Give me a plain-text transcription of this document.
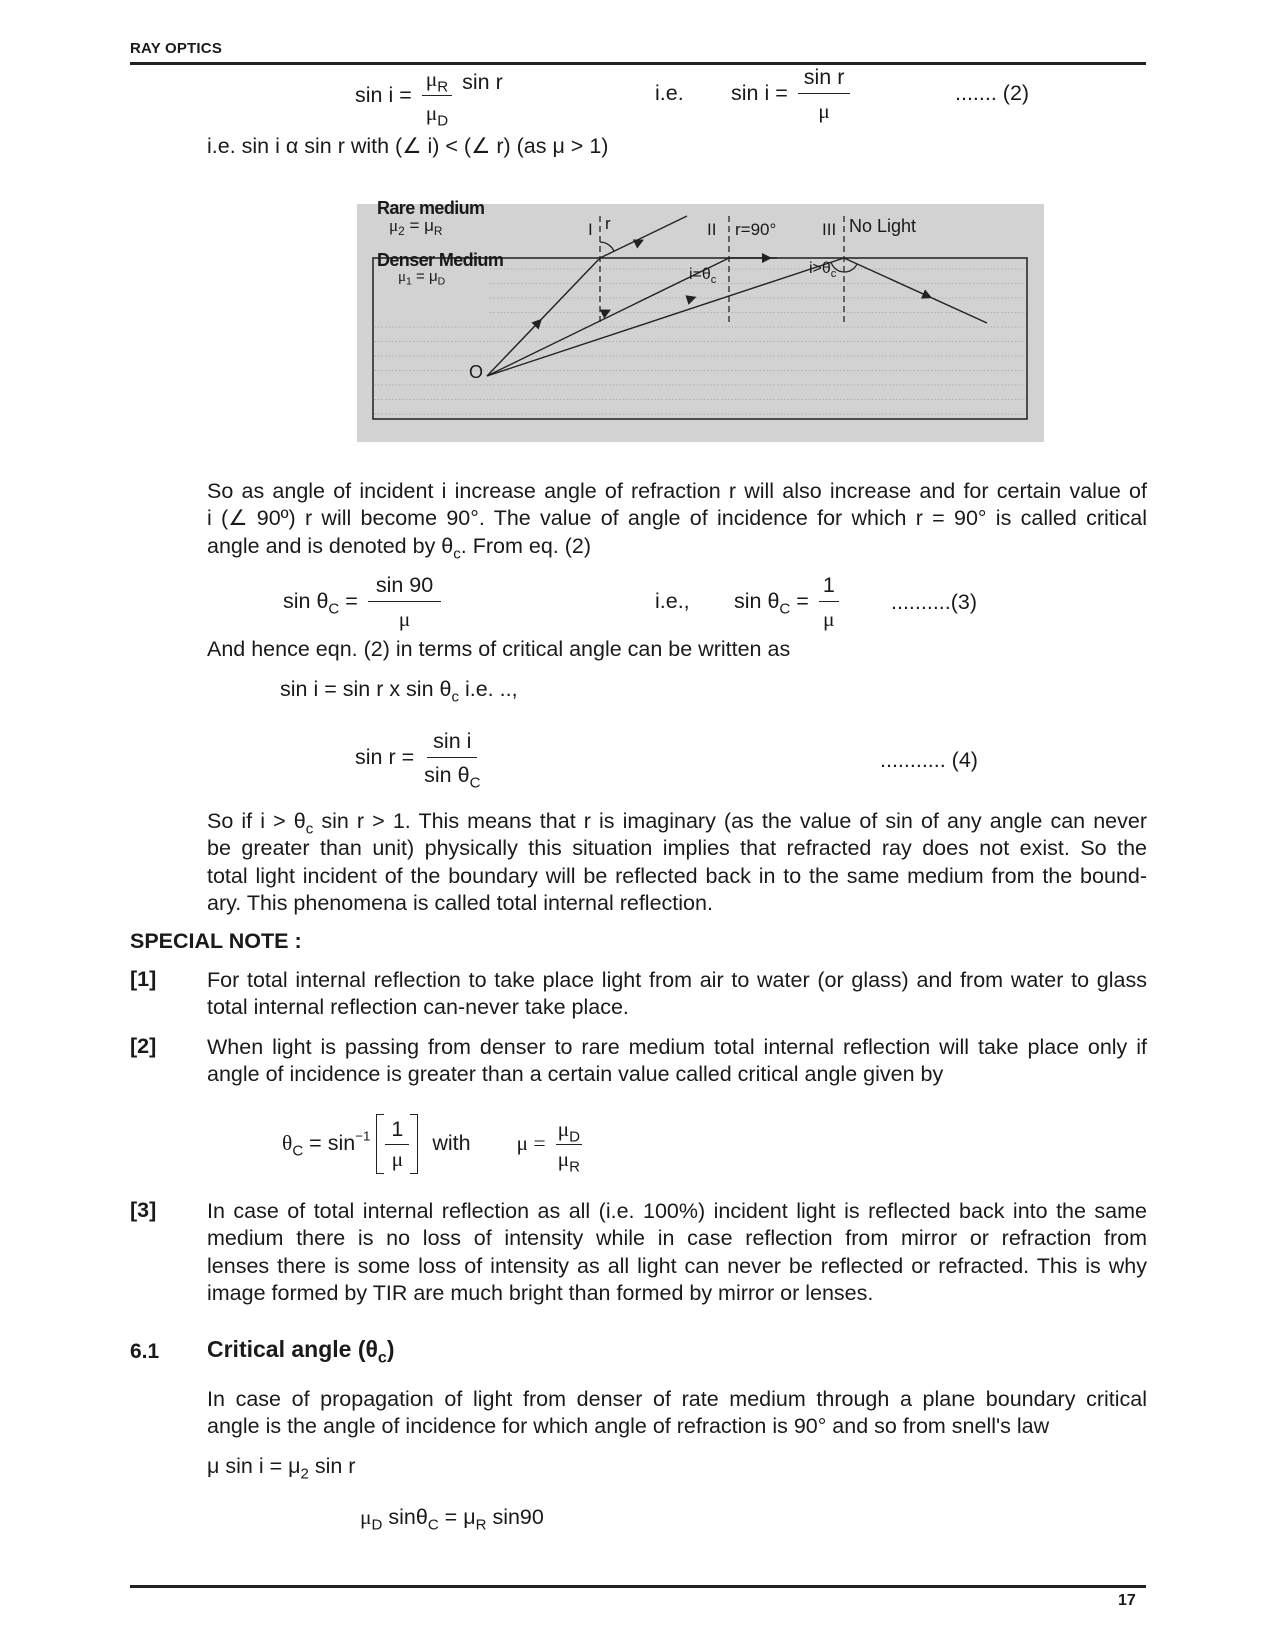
RAY OPTICS
$\sin i = \frac{\mu_R}{\mu_D}$ sin r	i.e. $\sin i = \frac{\text{sin r}}{\mu}$	....... (2)
i.e. sin i α sin r with (∠ i) < (∠ r) (as μ > 1)
Rare medium
$\mu_2 = \mu_R$
Denser Medium
$\mu_1 = \mu_D$
I r	II r=90°	III No Light
$i=\theta_c$
$i>\theta_c$
O
So as angle of incident i increase angle of refraction r will also increase and for certain value of
i (∠ 90º) r will become 90°. The value of angle of incidence for which r = 90° is called critical
angle and is denoted by $\theta_c$. From eq. (2)
$\sin \theta_C = \frac{\sin 90}{\mu}$	i.e., $\sin \theta_C = \frac{1}{\mu} ..........(3)$
And hence eqn. (2) in terms of critical angle can be written as
sin i = sin r x $\sin \theta_c$ i.e. ..,
$\sin r = \frac{\text{sin i}}{\sin \theta_C}$	........... (4)
So if $i > \theta_c$ sin r > 1. This means that r is imaginary (as the value of sin of any angle can never
be greater than unit) physically this situation implies that refracted ray does not exist. So the
total light incident of the boundary will be reflected back in to the same medium from the bound-
ary. This phenomena is called total internal reflection.
SPECIAL NOTE :
[1] For total internal reflection to take place light from air to water (or glass) and from water to glass
total internal reflection can-never take place.
[2] When light is passing from denser to rare medium total internal reflection will take place only if
angle of incidence is greater than a certain value called critical angle given by
$\theta_C = \sin^{-1} \frac{1}{\mu}$ with $\mu = \frac{\mu_D}{\mu_R}$
[3] In case of total internal reflection as all (i.e. 100%) incident light is reflected back into the same
medium there is no loss of intensity while in case reflection from mirror or refraction from
lenses there is some loss of intensity as all light can never be reflected or refracted. This is why
image formed by TIR are much bright than formed by mirror or lenses.
6.1 Critical angle $(\theta_c)$
In case of propagation of light from denser of rate medium through a plane boundary critical
angle is the angle of incidence for which angle of refraction is 90° and so from snell's law
μ $\sin i = \mu_2$ sin r
$\mu_D$ $\sin\theta_C = \mu_R$ sin90
17
